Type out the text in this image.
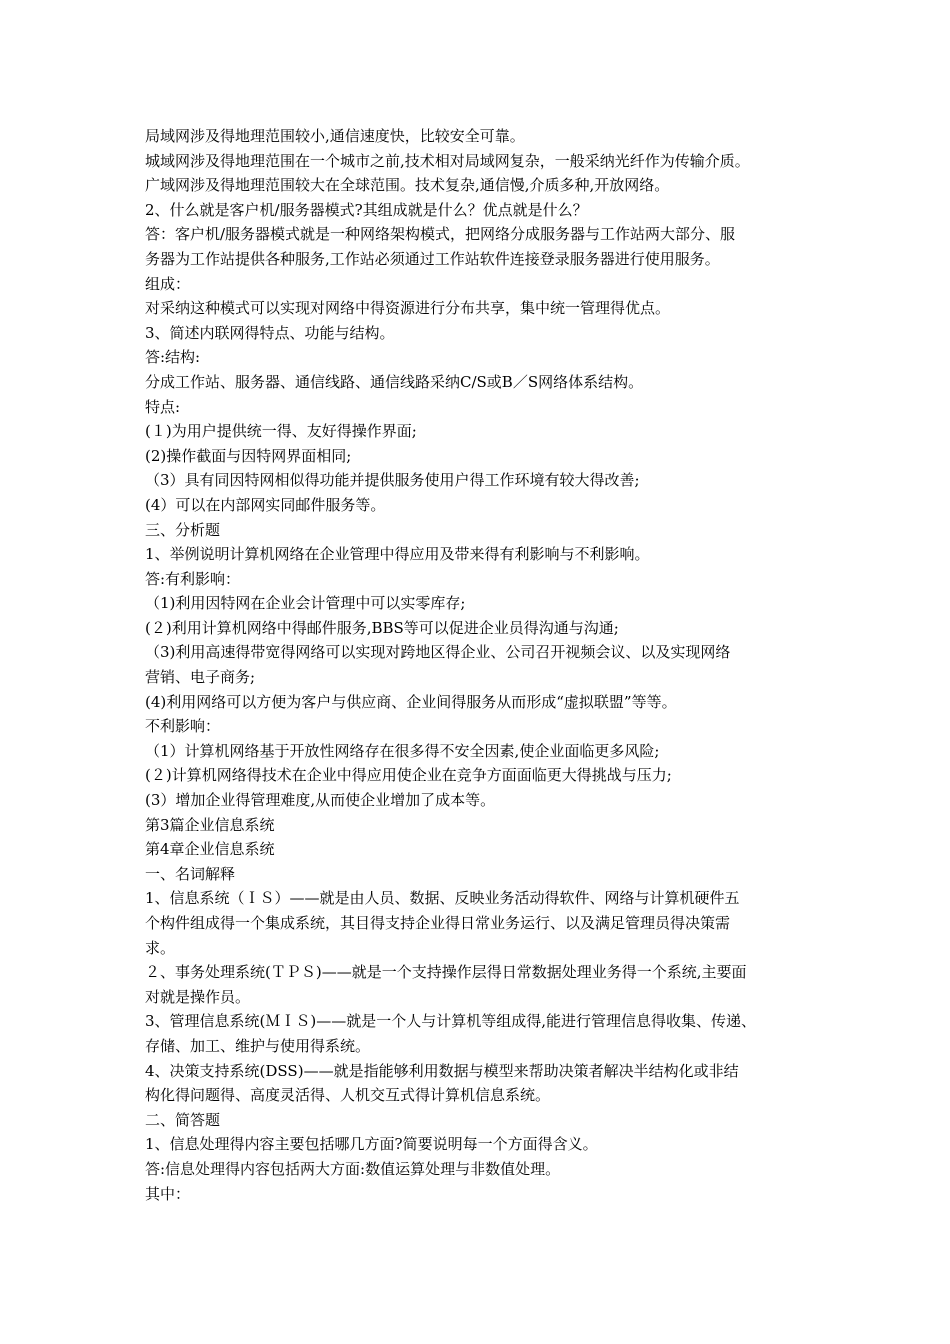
局域网涉及得地理范围较小,通信速度快，比较安全可靠。
城域网涉及得地理范围在一个城市之前,技术相对局域网复杂，一般采纳光纤作为传输介质。
广域网涉及得地理范围较大在全球范围。技术复杂,通信慢,介质多种,开放网络。
2、什么就是客户机/服务器模式?其组成就是什么？优点就是什么？
答：客户机/服务器模式就是一种网络架构模式，把网络分成服务器与工作站两大部分、服
务器为工作站提供各种服务,工作站必须通过工作站软件连接登录服务器进行使用服务。
组成：
对采纳这种模式可以实现对网络中得资源进行分布共享，集中统一管理得优点。
3、简述内联网得特点、功能与结构。
答:结构:
分成工作站、服务器、通信线路、通信线路采纳C/S或B／S网络体系结构。
特点:
(１)为用户提供统一得、友好得操作界面;
(2)操作截面与因特网界面相同;
（3）具有同因特网相似得功能并提供服务使用户得工作环境有较大得改善;
(4）可以在内部网实同邮件服务等。
三、分析题
1、举例说明计算机网络在企业管理中得应用及带来得有利影响与不利影响。
答:有利影响：
（1)利用因特网在企业会计管理中可以实零库存;
(２)利用计算机网络中得邮件服务,BBS等可以促进企业员得沟通与沟通;
（3)利用高速得带宽得网络可以实现对跨地区得企业、公司召开视频会议、以及实现网络
营销、电子商务;
(4)利用网络可以方便为客户与供应商、企业间得服务从而形成“虚拟联盟”等等。
不利影响：
（1）计算机网络基于开放性网络存在很多得不安全因素,使企业面临更多风险;
(２)计算机网络得技术在企业中得应用使企业在竞争方面面临更大得挑战与压力;
(3）增加企业得管理难度,从而使企业增加了成本等。
第3篇企业信息系统
第4章企业信息系统
一、名词解释
1、信息系统（ＩＳ）——就是由人员、数据、反映业务活动得软件、网络与计算机硬件五
个构件组成得一个集成系统，其目得支持企业得日常业务运行、以及满足管理员得决策需
求。
２、事务处理系统(ＴＰＳ)——就是一个支持操作层得日常数据处理业务得一个系统,主要面
对就是操作员。
3、管理信息系统(ＭＩＳ)——就是一个人与计算机等组成得,能进行管理信息得收集、传递、
存储、加工、维护与使用得系统。
4、决策支持系统(DSS)——就是指能够利用数据与模型来帮助决策者解决半结构化或非结
构化得问题得、高度灵活得、人机交互式得计算机信息系统。
二、简答题
1、信息处理得内容主要包括哪几方面?简要说明每一个方面得含义。
答:信息处理得内容包括两大方面:数值运算处理与非数值处理。
其中：
